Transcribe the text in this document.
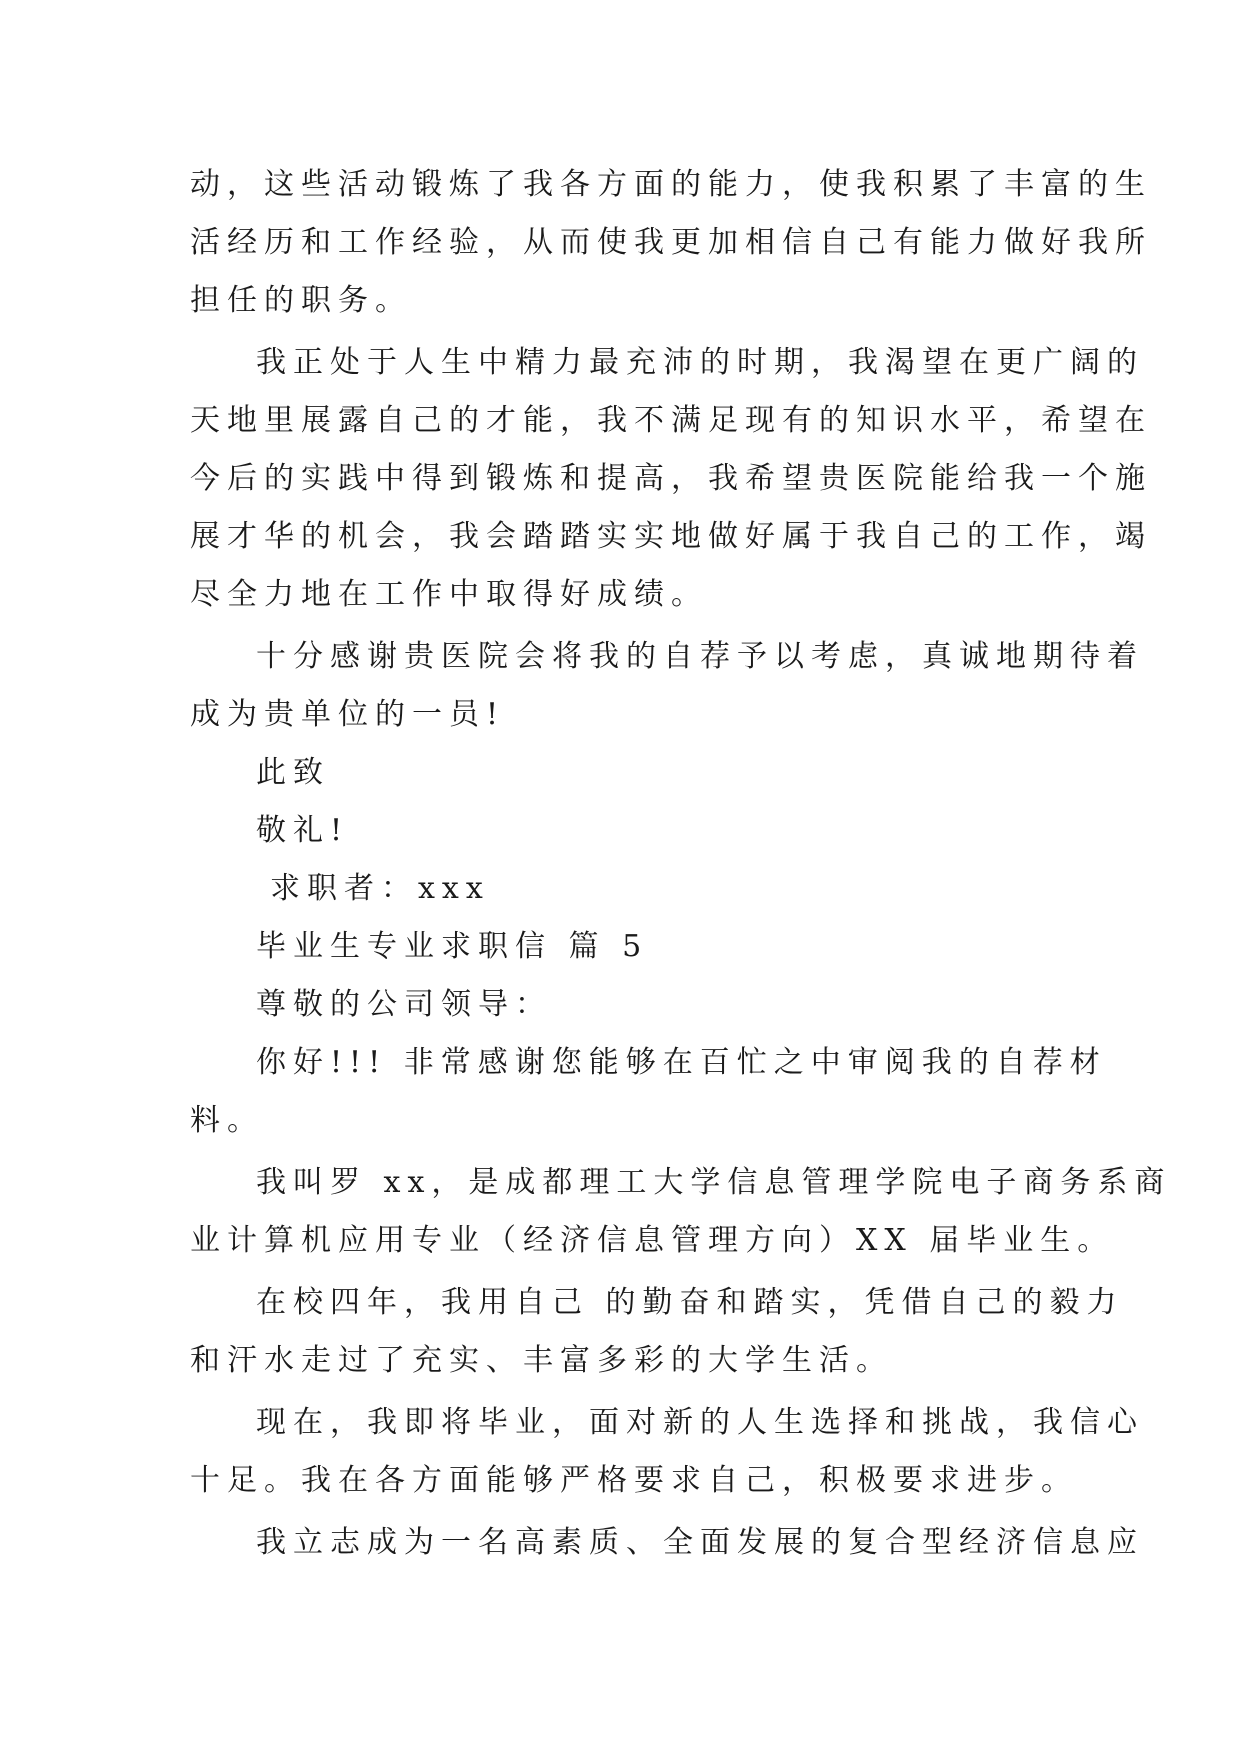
动，这些活动锻炼了我各方面的能力，使我积累了丰富的生
活经历和工作经验，从而使我更加相信自己有能力做好我所
担任的职务。
我正处于人生中精力最充沛的时期，我渴望在更广阔的
天地里展露自己的才能，我不满足现有的知识水平，希望在
今后的实践中得到锻炼和提高，我希望贵医院能给我一个施
展才华的机会，我会踏踏实实地做好属于我自己的工作，竭
尽全力地在工作中取得好成绩。
十分感谢贵医院会将我的自荐予以考虑，真诚地期待着
成为贵单位的一员!
此致
敬礼!
求职者：xxx
毕业生专业求职信 篇 5
尊敬的公司领导：
你好!!! 非常感谢您能够在百忙之中审阅我的自荐材
料。
我叫罗 xx，是成都理工大学信息管理学院电子商务系商
业计算机应用专业（经济信息管理方向）XX 届毕业生。
在校四年，我用自己 的勤奋和踏实，凭借自己的毅力
和汗水走过了充实、丰富多彩的大学生活。
现在，我即将毕业，面对新的人生选择和挑战，我信心
十足。我在各方面能够严格要求自己，积极要求进步。
我立志成为一名高素质、全面发展的复合型经济信息应
